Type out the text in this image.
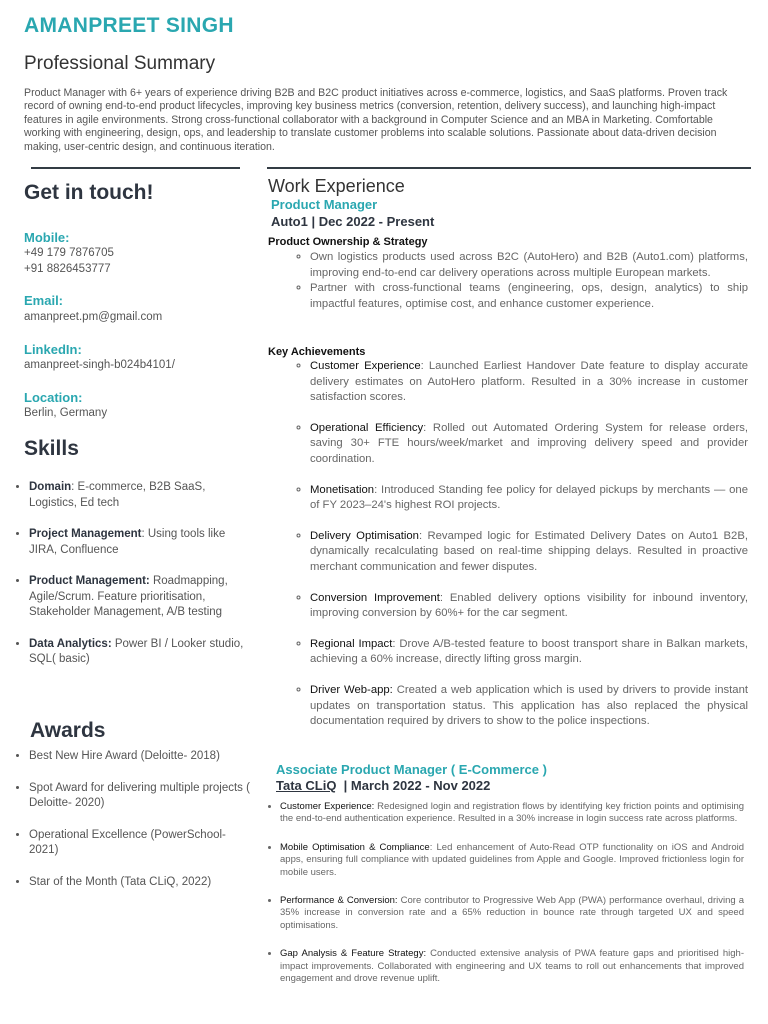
AMANPREET SINGH
Professional Summary
Product Manager with 6+ years of experience driving B2B and B2C product initiatives across e-commerce, logistics, and SaaS platforms. Proven track record of owning end-to-end product lifecycles, improving key business metrics (conversion, retention, delivery success), and launching high-impact features in agile environments. Strong cross-functional collaborator with a background in Computer Science and an MBA in Marketing. Comfortable working with engineering, design, ops, and leadership to translate customer problems into scalable solutions. Passionate about data-driven decision making, user-centric design, and continuous iteration.
Get in touch!
Mobile:
+49 179 7876705
+91 8826453777
Email:
amanpreet.pm@gmail.com
LinkedIn:
amanpreet-singh-b024b4101/
Location:
Berlin, Germany
Skills
• Domain: E-commerce, B2B SaaS, Logistics, Ed tech
• Project Management: Using tools like JIRA, Confluence
• Product Management: Roadmapping, Agile/Scrum. Feature prioritisation, Stakeholder Management, A/B testing
• Data Analytics: Power BI / Looker studio, SQL( basic)
Awards
• Best New Hire Award (Deloitte- 2018)
• Spot Award for delivering multiple projects ( Deloitte- 2020)
• Operational Excellence (PowerSchool- 2021)
• Star of the Month (Tata CLiQ, 2022)
Work Experience
Product Manager
Auto1 | Dec 2022 - Present
Product Ownership & Strategy
◦ Own logistics products used across B2C (AutoHero) and B2B (Auto1.com) platforms, improving end-to-end car delivery operations across multiple European markets.
◦ Partner with cross-functional teams (engineering, ops, design, analytics) to ship impactful features, optimise cost, and enhance customer experience.
Key Achievements
◦ Customer Experience: Launched Earliest Handover Date feature to display accurate delivery estimates on AutoHero platform. Resulted in a 30% increase in customer satisfaction scores.
◦ Operational Efficiency: Rolled out Automated Ordering System for release orders, saving 30+ FTE hours/week/market and improving delivery speed and provider coordination.
◦ Monetisation: Introduced Standing fee policy for delayed pickups by merchants — one of FY 2023–24's highest ROI projects.
◦ Delivery Optimisation: Revamped logic for Estimated Delivery Dates on Auto1 B2B, dynamically recalculating based on real-time shipping delays. Resulted in proactive merchant communication and fewer disputes.
◦ Conversion Improvement: Enabled delivery options visibility for inbound inventory, improving conversion by 60%+ for the car segment.
◦ Regional Impact: Drove A/B-tested feature to boost transport share in Balkan markets, achieving a 60% increase, directly lifting gross margin.
◦ Driver Web-app: Created a web application which is used by drivers to provide instant updates on transportation status. This application has also replaced the physical documentation required by drivers to show to the police inspections.
Associate Product Manager ( E-Commerce )
Tata CLiQ  | March 2022 - Nov 2022
• Customer Experience: Redesigned login and registration flows by identifying key friction points and optimising the end-to-end authentication experience. Resulted in a 30% increase in login success rate across platforms.
• Mobile Optimisation & Compliance: Led enhancement of Auto-Read OTP functionality on iOS and Android apps, ensuring full compliance with updated guidelines from Apple and Google. Improved frictionless login for mobile users.
• Performance & Conversion: Core contributor to Progressive Web App (PWA) performance overhaul, driving a 35% increase in conversion rate and a 65% reduction in bounce rate through targeted UX and speed optimisations.
• Gap Analysis & Feature Strategy: Conducted extensive analysis of PWA feature gaps and prioritised high-impact improvements. Collaborated with engineering and UX teams to roll out enhancements that improved engagement and drove revenue uplift.
